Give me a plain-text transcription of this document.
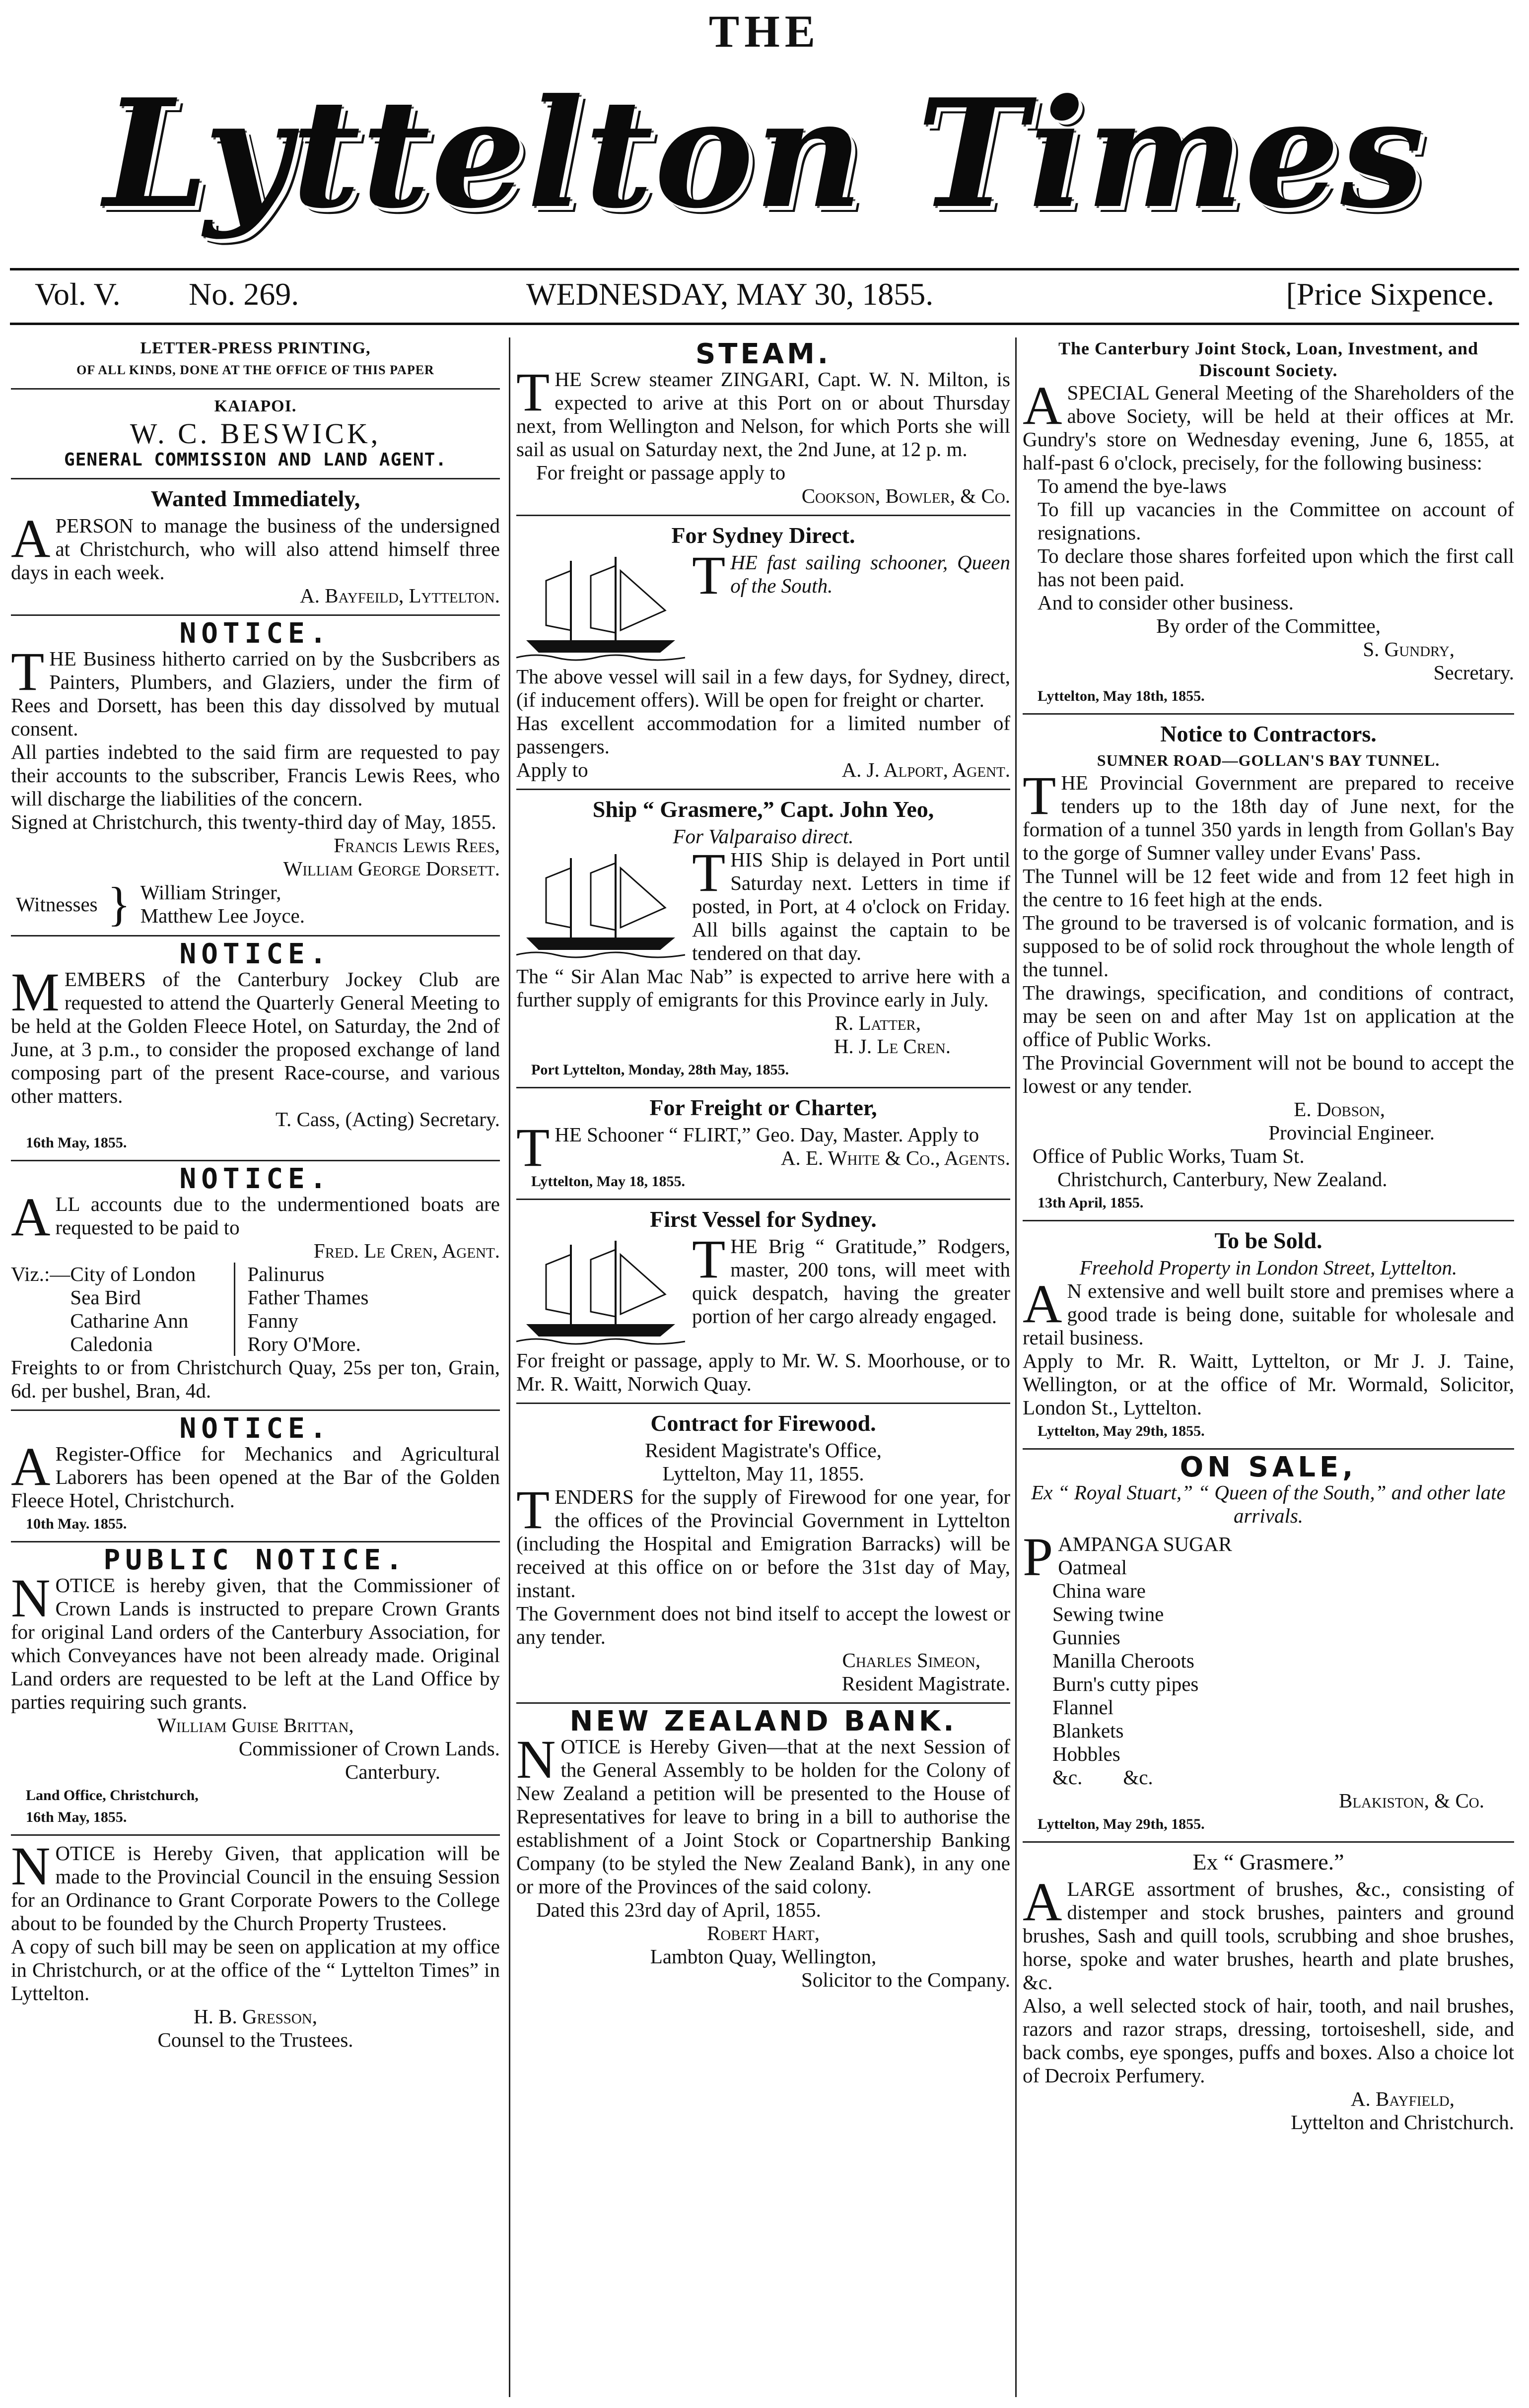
THE
Lyttelton Times
Vol. V. No. 269.	WEDNESDAY, MAY 30, 1855.	[Price Sixpence.
LETTER-PRESS PRINTING,
OF ALL KINDS, DONE AT THE OFFICE OF THIS PAPER
KAIAPOI.
W. C. BESWICK,
GENERAL COMMISSION AND LAND AGENT.
Wanted Immediately,

APERSON to manage the business of the undersigned at Christchurch, who will also attend himself three days in each week.

A. Bayfeild, Lyttelton.

NOTICE.

THE Business hitherto carried on by the Susbcribers as Painters, Plumbers, and Glaziers, under the firm of Rees and Dorsett, has been this day dissolved by mutual consent.

All parties indebted to the said firm are requested to pay their accounts to the subscriber, Francis Lewis Rees, who will discharge the liabilities of the concern.

Signed at Christchurch, this twenty-third day of May, 1855.

Francis Lewis Rees,

William George Dorsett.

Witnesses } William Stringer,
Matthew Lee Joyce.
NOTICE.

MEMBERS of the Canterbury Jockey Club are requested to attend the Quarterly General Meeting to be held at the Golden Fleece Hotel, on Saturday, the 2nd of June, at 3 p.m., to consider the proposed exchange of land composing part of the present Race-course, and various other matters.

T. Cass, (Acting) Secretary.

16th May, 1855.
NOTICE.

ALL accounts due to the undermentioned boats are requested to be paid to

Fred. Le Cren, Agent.

Viz.:— City of London
Sea Bird
Catharine Ann
Caledonia
Palinurus
Father Thames
Fanny
Rory O'More.

Freights to or from Christchurch Quay, 25s per ton, Grain, 6d. per bushel, Bran, 4d.

NOTICE.

A Register-Office for Mechanics and Agricultural Laborers has been opened at the Bar of the Golden Fleece Hotel, Christchurch.

10th May. 1855.
PUBLIC NOTICE.

NOTICE is hereby given, that the Commissioner of Crown Lands is instructed to prepare Crown Grants for original Land orders of the Canterbury Association, for which Conveyances have not been already made. Original Land orders are requested to be left at the Land Office by parties requiring such grants.

William Guise Brittan,

Commissioner of Crown Lands.

Canterbury.

Land Office, Christchurch,
16th May, 1855.

NOTICE is Hereby Given, that application will be made to the Provincial Council in the ensuing Session for an Ordinance to Grant Corporate Powers to the College about to be founded by the Church Property Trustees.

A copy of such bill may be seen on application at my office in Christchurch, or at the office of the “ Lyttelton Times” in Lyttelton.

H. B. Gresson,

Counsel to the Trustees.

STEAM.

THE Screw steamer ZINGARI, Capt. W. N. Milton, is expected to arive at this Port on or about Thursday next, from Wellington and Nelson, for which Ports she will sail as usual on Saturday next, the 2nd June, at 12 p. m.

For freight or passage apply to

Cookson, Bowler, & Co.

For Sydney Direct.

THE fast sailing schooner, Queen of the South.

The above vessel will sail in a few days, for Sydney, direct, (if inducement offers). Will be open for freight or charter.

Has excellent accommodation for a limited number of passengers.

Apply to	A. J. Alport, Agent.
Ship “ Grasmere,” Capt. John Yeo,
For Valparaiso direct.

THIS Ship is delayed in Port until Saturday next. Letters in time if posted, in Port, at 4 o'clock on Friday. All bills against the captain to be tendered on that day.

The “ Sir Alan Mac Nab” is expected to arrive here with a further supply of emigrants for this Province early in July.

R. Latter,

H. J. Le Cren.

Port Lyttelton, Monday, 28th May, 1855.
For Freight or Charter,

THE Schooner “ FLIRT,” Geo. Day, Master. Apply to

A. E. White & Co., Agents.

Lyttelton, May 18, 1855.
First Vessel for Sydney.

THE Brig “ Gratitude,” Rodgers, master, 200 tons, will meet with quick despatch, having the greater portion of her cargo already engaged.

For freight or passage, apply to Mr. W. S. Moorhouse, or to Mr. R. Waitt, Norwich Quay.

Contract for Firewood.

Resident Magistrate's Office,

Lyttelton, May 11, 1855.

TENDERS for the supply of Firewood for one year, for the offices of the Provincial Government in Lyttelton (including the Hospital and Emigration Barracks) will be received at this office on or before the 31st day of May, instant.

The Government does not bind itself to accept the lowest or any tender.

Charles Simeon,

Resident Magistrate.

NEW ZEALAND BANK.

NOTICE is Hereby Given—that at the next Session of the General Assembly to be holden for the Colony of New Zealand a petition will be presented to the House of Representatives for leave to bring in a bill to authorise the establishment of a Joint Stock or Copartnership Banking Company (to be styled the New Zealand Bank), in any one or more of the Provinces of the said colony.

Dated this 23rd day of April, 1855.

Robert Hart,

Lambton Quay, Wellington,

Solicitor to the Company.

The Canterbury Joint Stock, Loan, Investment, and Discount Society.

ASPECIAL General Meeting of the Shareholders of the above Society, will be held at their offices at Mr. Gundry's store on Wednesday evening, June 6, 1855, at half-past 6 o'clock, precisely, for the following business:

To amend the bye-laws

To fill up vacancies in the Committee on account of resignations.

To declare those shares forfeited upon which the first call has not been paid.

And to consider other business.

By order of the Committee,

S. Gundry,

Secretary.

Lyttelton, May 18th, 1855.
Notice to Contractors.
SUMNER ROAD—GOLLAN'S BAY TUNNEL.

THE Provincial Government are prepared to receive tenders up to the 18th day of June next, for the formation of a tunnel 350 yards in length from Gollan's Bay to the gorge of Sumner valley under Evans' Pass.

The Tunnel will be 12 feet wide and from 12 feet high in the centre to 16 feet high at the ends.

The ground to be traversed is of volcanic formation, and is supposed to be of solid rock throughout the whole length of the tunnel.

The drawings, specification, and conditions of contract, may be seen on and after May 1st on application at the office of Public Works.

The Provincial Government will not be bound to accept the lowest or any tender.

E. Dobson,

Provincial Engineer.

Office of Public Works, Tuam St.

Christchurch, Canterbury, New Zealand.

13th April, 1855.
To be Sold.
Freehold Property in London Street, Lyttelton.

A N extensive and well built store and premises where a good trade is being done, suitable for wholesale and retail business.

Apply to Mr. R. Waitt, Lyttelton, or Mr J. J. Taine, Wellington, or at the office of Mr. Wormald, Solicitor, London St., Lyttelton.

Lyttelton, May 29th, 1855.
ON SALE,
Ex “ Royal Stuart,” “ Queen of the South,” and other late arrivals.

PAMPANGA SUGAR

Oatmeal
China ware
Sewing twine
Gunnies
Manilla Cheroots
Burn's cutty pipes
Flannel
Blankets
Hobbles
&c.        &c.

Blakiston, & Co.

Lyttelton, May 29th, 1855.
Ex “ Grasmere.”

ALARGE assortment of brushes, &c., consisting of distemper and stock brushes, painters and ground brushes, Sash and quill tools, scrubbing and shoe brushes, horse, spoke and water brushes, hearth and plate brushes, &c.

Also, a well selected stock of hair, tooth, and nail brushes, razors and razor straps, dressing, tortoiseshell, side, and back combs, eye sponges, puffs and boxes. Also a choice lot of Decroix Perfumery.

A. Bayfield,

Lyttelton and Christchurch.
